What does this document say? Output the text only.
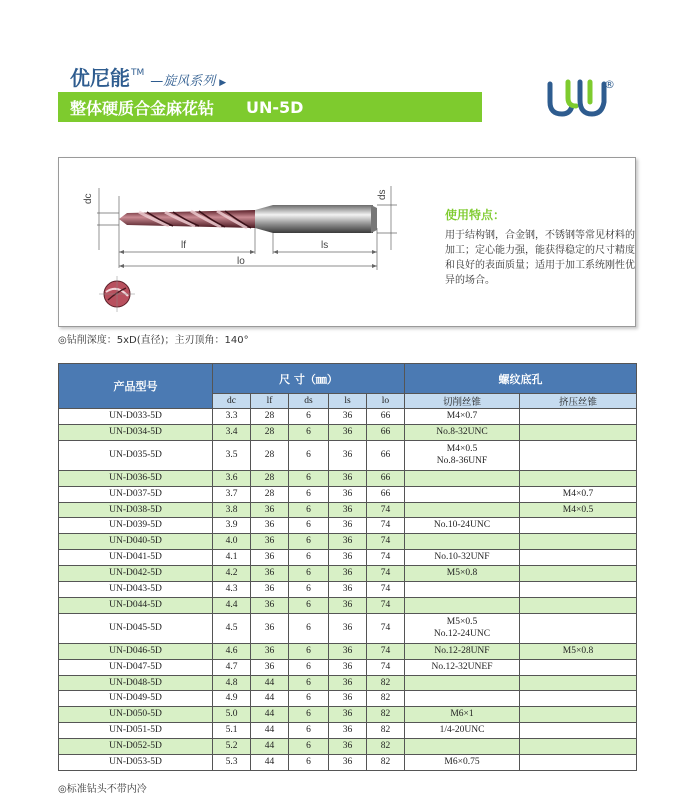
优尼能 TM
—旋风系列 ▶
整体硬质合金麻花钻 UN-5D
®
dc	ds
lf
lo
ls
使用特点：
用于结构钢，合金钢，不锈钢等常见材料的加工；定心能力强，能获得稳定的尺寸精度和良好的表面质量；适用于加工系统刚性优异的场合。
◎钻削深度：5xD(直径)；主刃顶角：140°
产品型号	尺 寸（㎜）					螺纹底孔	
	dc	lf	ds	ls	lo	切削丝锥	挤压丝锥
UN-D033-5D	3.3	28	6	36	66	M4×0.7	
UN-D034-5D	3.4	28	6	36	66	No.8-32UNC	
UN-D035-5D	3.5	28	6	36	66	M4×0.5
No.8-36UNF	

UN-D036-5D	3.6	28	6	36	66		
UN-D037-5D	3.7	28	6	36	66		M4×0.7
UN-D038-5D	3.8	36	6	36	74		M4×0.5
UN-D039-5D	3.9	36	6	36	74	No.10-24UNC	
UN-D040-5D	4.0	36	6	36	74		
UN-D041-5D	4.1	36	6	36	74	No.10-32UNF	
UN-D042-5D	4.2	36	6	36	74	M5×0.8	
UN-D043-5D	4.3	36	6	36	74		
UN-D044-5D	4.4	36	6	36	74		
UN-D045-5D	4.5	36	6	36	74	M5×0.5
No.12-24UNC	

UN-D046-5D	4.6	36	6	36	74	No.12-28UNF	M5×0.8
UN-D047-5D	4.7	36	6	36	74	No.12-32UNEF	
UN-D048-5D	4.8	44	6	36	82		
UN-D049-5D	4.9	44	6	36	82		
UN-D050-5D	5.0	44	6	36	82	M6×1	
UN-D051-5D	5.1	44	6	36	82	1/4-20UNC	
UN-D052-5D	5.2	44	6	36	82		
UN-D053-5D	5.3	44	6	36	82	M6×0.75	
◎标准钻头不带内冷
